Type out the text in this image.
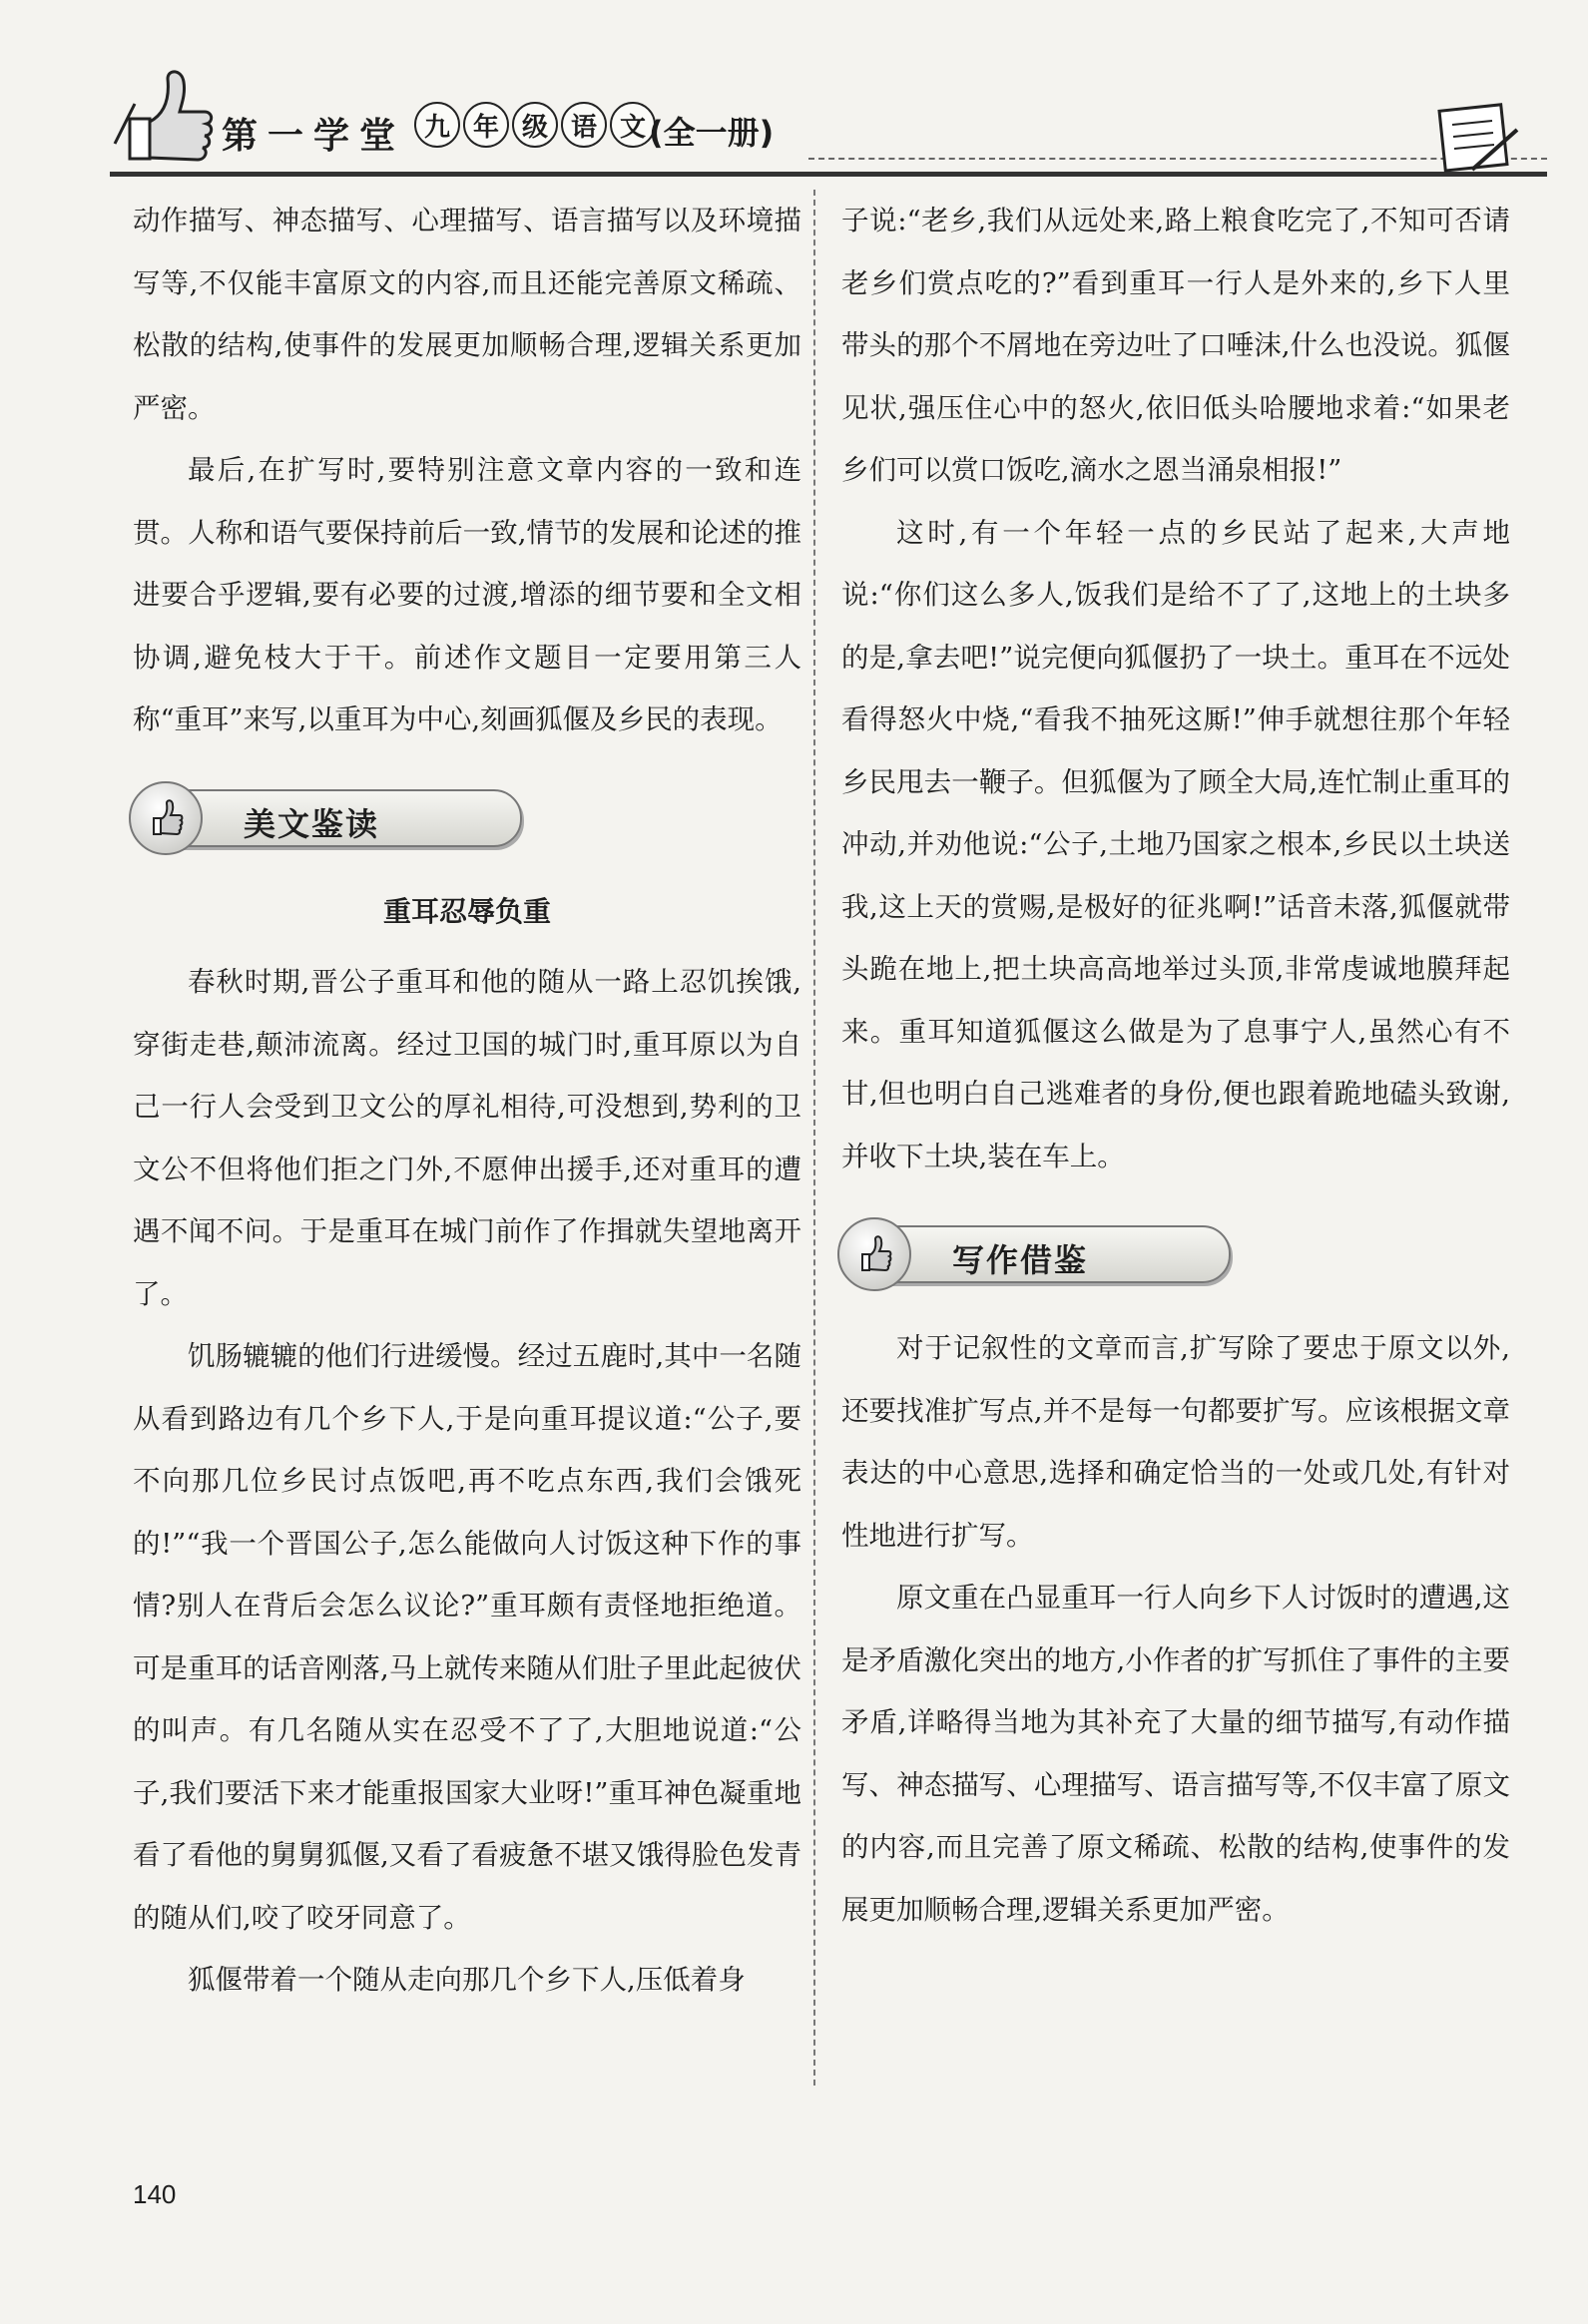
第一学堂 九 年 级 语 文 (全一册)

动作描写、神态描写、心理描写、语言描写以及环境描写等,不仅能丰富原文的内容,而且还能完善原文稀疏、松散的结构,使事件的发展更加顺畅合理,逻辑关系更加严密。

最后,在扩写时,要特别注意文章内容的一致和连贯。人称和语气要保持前后一致,情节的发展和论述的推进要合乎逻辑,要有必要的过渡,增添的细节要和全文相协调,避免枝大于干。前述作文题目一定要用第三人称“重耳”来写,以重耳为中心,刻画狐偃及乡民的表现。

美文鉴读
重耳忍辱负重

春秋时期,晋公子重耳和他的随从一路上忍饥挨饿,穿街走巷,颠沛流离。经过卫国的城门时,重耳原以为自己一行人会受到卫文公的厚礼相待,可没想到,势利的卫文公不但将他们拒之门外,不愿伸出援手,还对重耳的遭遇不闻不问。于是重耳在城门前作了作揖就失望地离开了。

饥肠辘辘的他们行进缓慢。经过五鹿时,其中一名随从看到路边有几个乡下人,于是向重耳提议道:“公子,要不向那几位乡民讨点饭吧,再不吃点东西,我们会饿死的!”“我一个晋国公子,怎么能做向人讨饭这种下作的事情?别人在背后会怎么议论?”重耳颇有责怪地拒绝道。可是重耳的话音刚落,马上就传来随从们肚子里此起彼伏的叫声。有几名随从实在忍受不了了,大胆地说道:“公子,我们要活下来才能重报国家大业呀!”重耳神色凝重地看了看他的舅舅狐偃,又看了看疲惫不堪又饿得脸色发青的随从们,咬了咬牙同意了。

狐偃带着一个随从走向那几个乡下人,压低着身

子说:“老乡,我们从远处来,路上粮食吃完了,不知可否请老乡们赏点吃的?”看到重耳一行人是外来的,乡下人里带头的那个不屑地在旁边吐了口唾沫,什么也没说。狐偃见状,强压住心中的怒火,依旧低头哈腰地求着:“如果老乡们可以赏口饭吃,滴水之恩当涌泉相报!”

这时,有一个年轻一点的乡民站了起来,大声地说:“你们这么多人,饭我们是给不了了,这地上的土块多的是,拿去吧!”说完便向狐偃扔了一块土。重耳在不远处看得怒火中烧,“看我不抽死这厮!”伸手就想往那个年轻乡民甩去一鞭子。但狐偃为了顾全大局,连忙制止重耳的冲动,并劝他说:“公子,土地乃国家之根本,乡民以土块送我,这上天的赏赐,是极好的征兆啊!”话音未落,狐偃就带头跪在地上,把土块高高地举过头顶,非常虔诚地膜拜起来。重耳知道狐偃这么做是为了息事宁人,虽然心有不甘,但也明白自己逃难者的身份,便也跟着跪地磕头致谢,并收下土块,装在车上。

写作借鉴

对于记叙性的文章而言,扩写除了要忠于原文以外,还要找准扩写点,并不是每一句都要扩写。应该根据文章表达的中心意思,选择和确定恰当的一处或几处,有针对性地进行扩写。

原文重在凸显重耳一行人向乡下人讨饭时的遭遇,这是矛盾激化突出的地方,小作者的扩写抓住了事件的主要矛盾,详略得当地为其补充了大量的细节描写,有动作描写、神态描写、心理描写、语言描写等,不仅丰富了原文的内容,而且完善了原文稀疏、松散的结构,使事件的发展更加顺畅合理,逻辑关系更加严密。

140
